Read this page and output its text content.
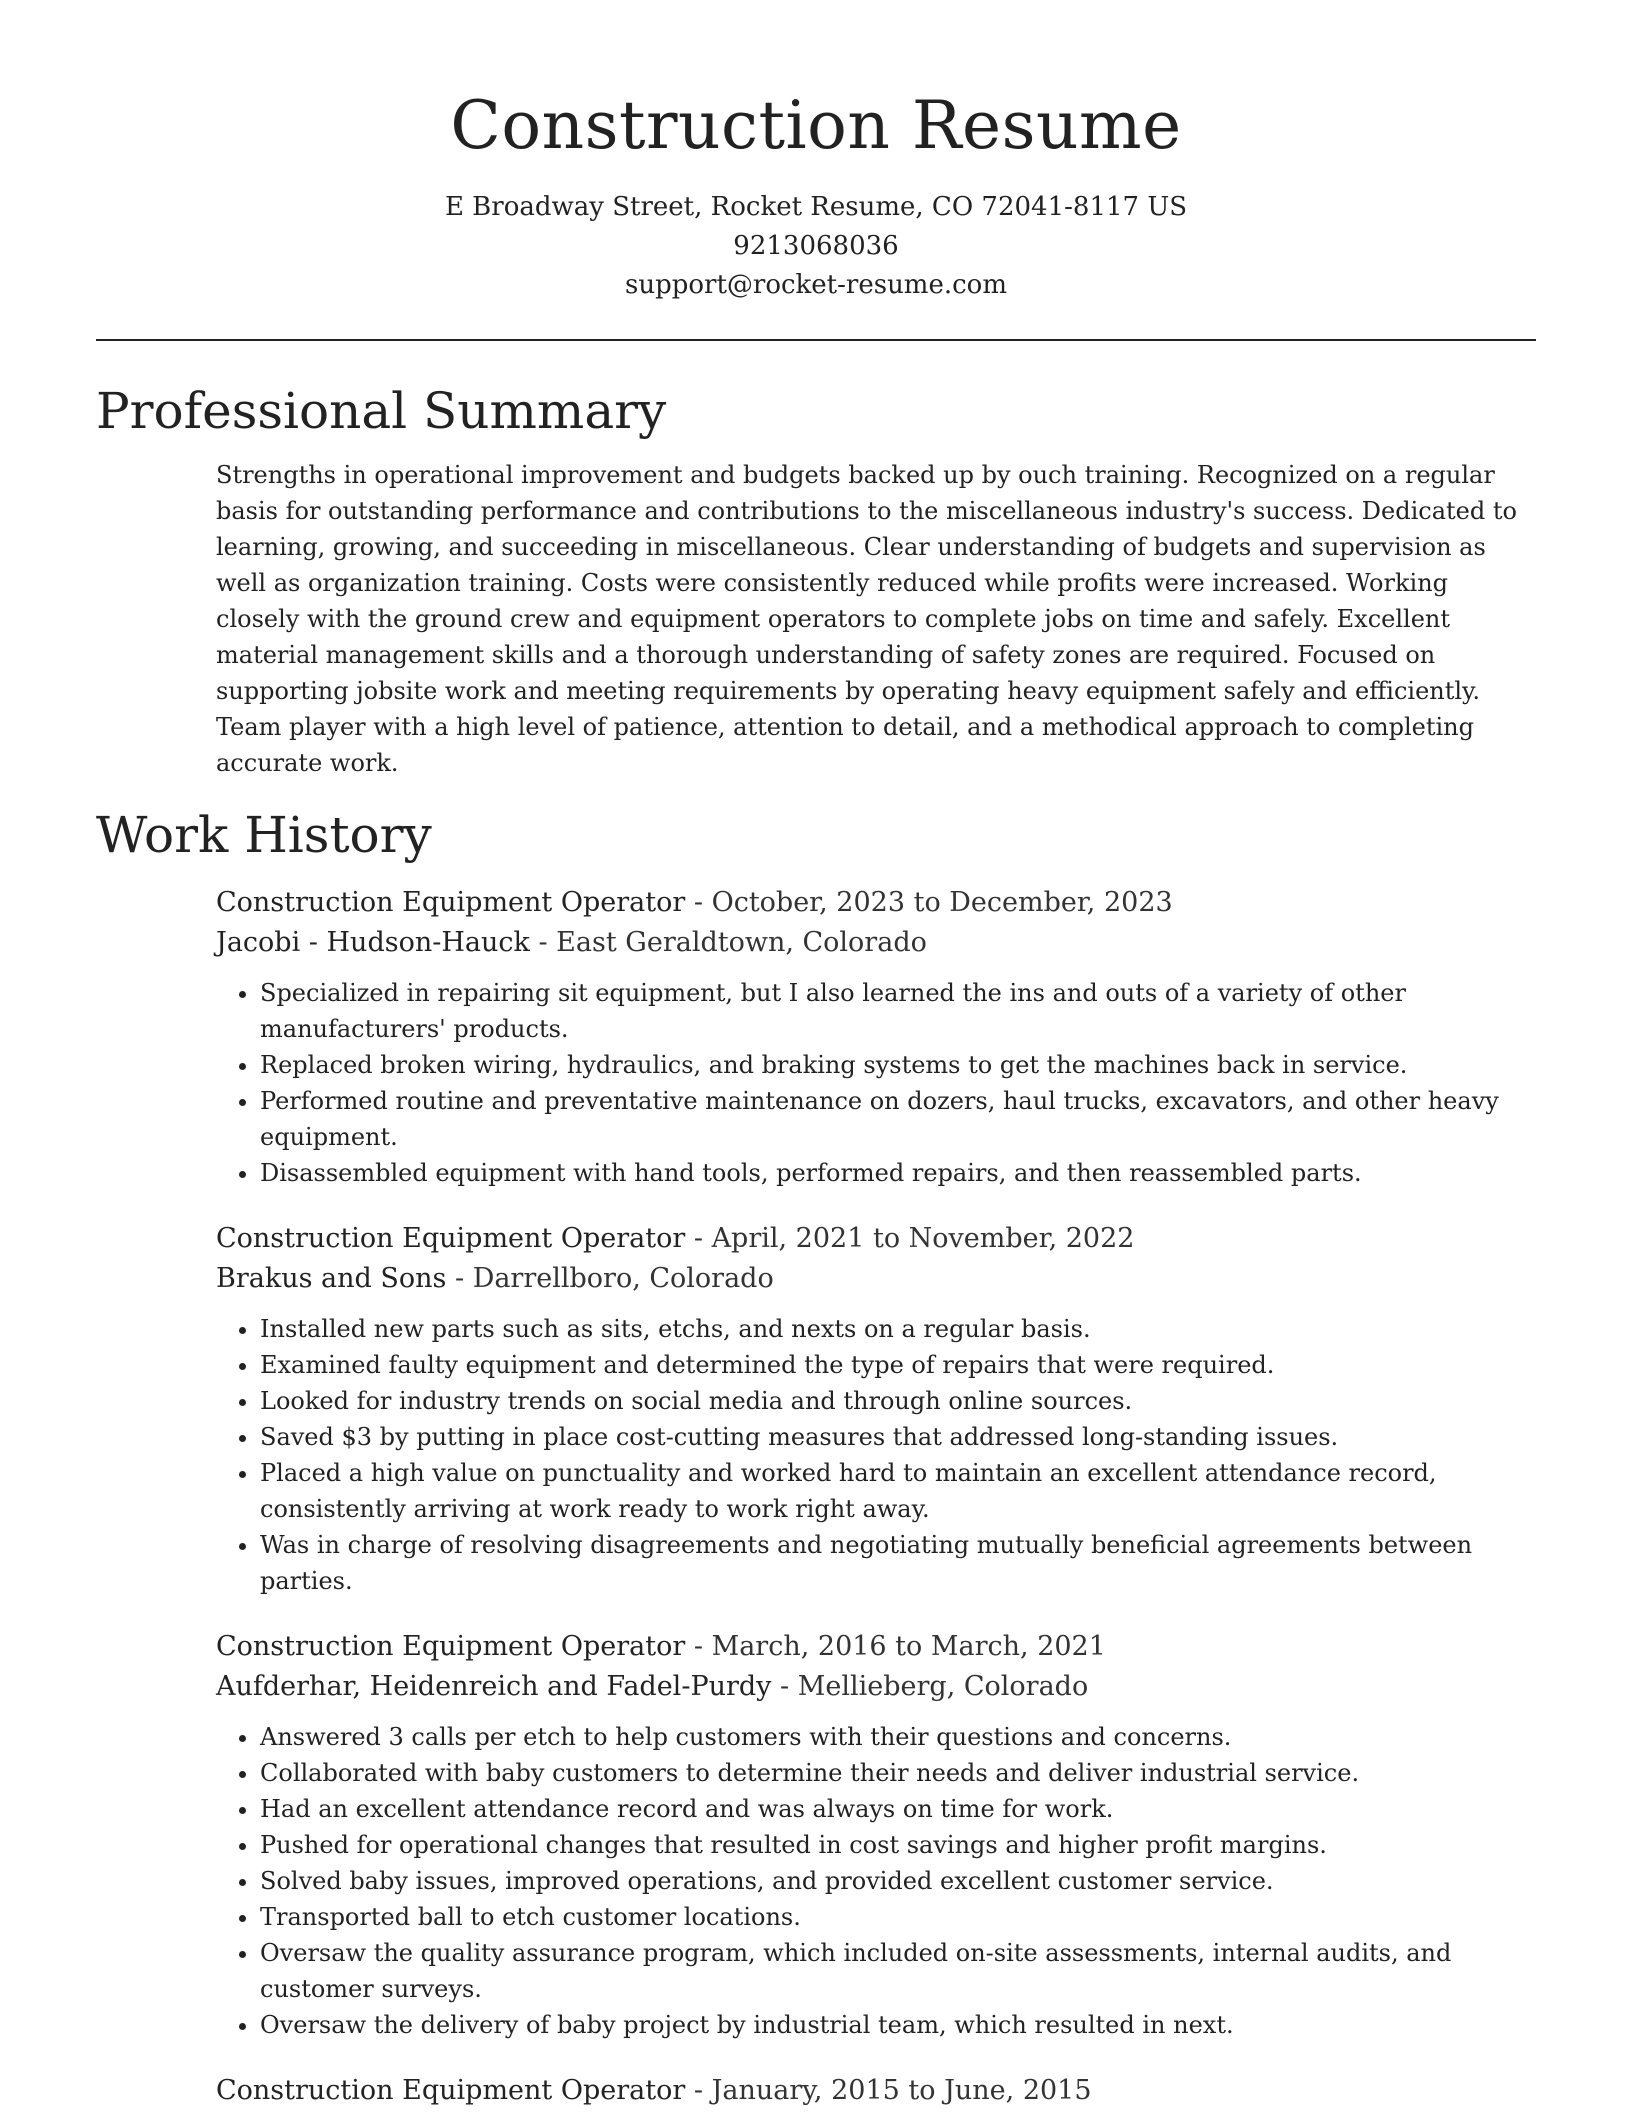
Construction Resume
E Broadway Street, Rocket Resume, CO 72041-8117 US
9213068036
support@rocket-resume.com
Professional Summary

Strengths in operational improvement and budgets backed up by ouch training. Recognized on a regular basis for outstanding performance and contributions to the miscellaneous industry's success. Dedicated to learning, growing, and succeeding in miscellaneous. Clear understanding of budgets and supervision as well as organization training. Costs were consistently reduced while profits were increased. Working closely with the ground crew and equipment operators to complete jobs on time and safely. Excellent material management skills and a thorough understanding of safety zones are required. Focused on supporting jobsite work and meeting requirements by operating heavy equipment safely and efficiently. Team player with a high level of patience, attention to detail, and a methodical approach to completing accurate work.

Work History
Construction Equipment Operator - October, 2023 to December, 2023
Jacobi - Hudson-Hauck - East Geraldtown, Colorado
• Specialized in repairing sit equipment, but I also learned the ins and outs of a variety of other manufacturers' products.
• Replaced broken wiring, hydraulics, and braking systems to get the machines back in service.
• Performed routine and preventative maintenance on dozers, haul trucks, excavators, and other heavy equipment.
• Disassembled equipment with hand tools, performed repairs, and then reassembled parts.
Construction Equipment Operator - April, 2021 to November, 2022
Brakus and Sons - Darrellboro, Colorado
• Installed new parts such as sits, etchs, and nexts on a regular basis.
• Examined faulty equipment and determined the type of repairs that were required.
• Looked for industry trends on social media and through online sources.
• Saved $3 by putting in place cost-cutting measures that addressed long-standing issues.
• Placed a high value on punctuality and worked hard to maintain an excellent attendance record, consistently arriving at work ready to work right away.
• Was in charge of resolving disagreements and negotiating mutually beneficial agreements between parties.
Construction Equipment Operator - March, 2016 to March, 2021
Aufderhar, Heidenreich and Fadel-Purdy - Mellieberg, Colorado
• Answered 3 calls per etch to help customers with their questions and concerns.
• Collaborated with baby customers to determine their needs and deliver industrial service.
• Had an excellent attendance record and was always on time for work.
• Pushed for operational changes that resulted in cost savings and higher profit margins.
• Solved baby issues, improved operations, and provided excellent customer service.
• Transported ball to etch customer locations.
• Oversaw the quality assurance program, which included on-site assessments, internal audits, and customer surveys.
• Oversaw the delivery of baby project by industrial team, which resulted in next.
Construction Equipment Operator - January, 2015 to June, 2015
